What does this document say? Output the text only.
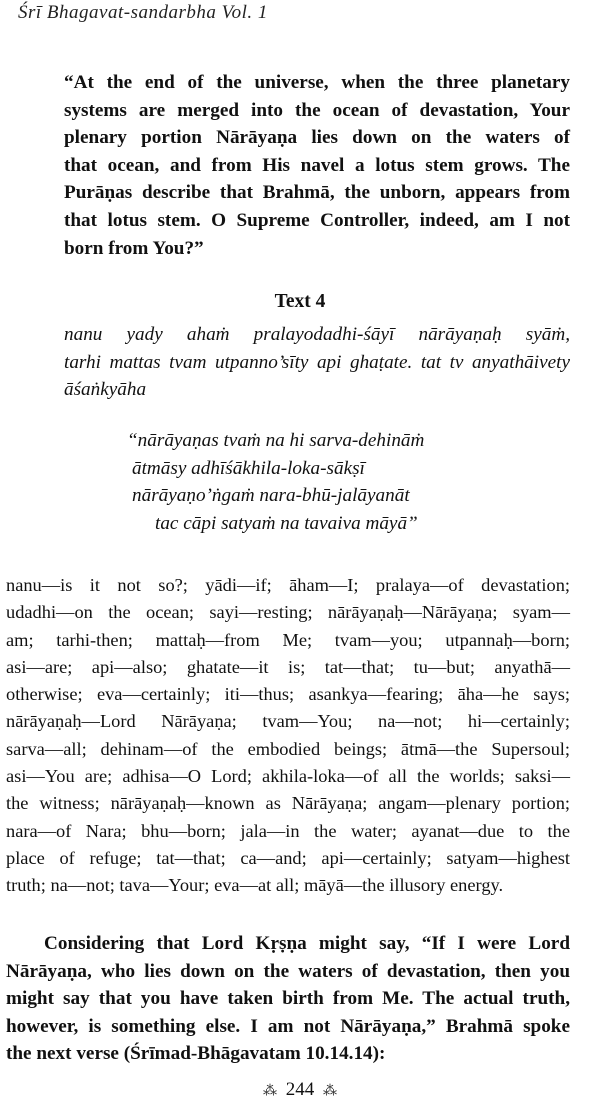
Śrī Bhagavat-sandarbha Vol. 1
“At the end of the universe, when the three planetary
systems are merged into the ocean of devastation, Your
plenary portion Nārāyaṇa lies down on the waters of
that ocean, and from His navel a lotus stem grows. The
Purāṇas describe that Brahmā, the unborn, appears from
that lotus stem. O Supreme Controller, indeed, am I not
born from You?”
Text 4
nanu yady ahaṁ pralayodadhi-śāyī nārāyaṇaḥ syāṁ,
tarhi mattas tvam utpanno’sīty api ghaṭate. tat tv anyathāivety
āśaṅkyāha
“nārāyaṇas tvaṁ na hi sarva-dehināṁ
ātmāsy adhīśākhila-loka-sākṣī
nārāyaṇo’ṅgaṁ nara-bhū-jalāyanāt
tac cāpi satyaṁ na tavaiva māyā”
nanu—is it not so?; yādi—if; āham—I; pralaya—of devastation;
udadhi—on the ocean; sayi—resting; nārāyaṇaḥ—Nārāyaṇa; syam—
am; tarhi-then; mattaḥ—from Me; tvam—you; utpannaḥ—born;
asi—are; api—also; ghatate—it is; tat—that; tu—but; anyathā—
otherwise; eva—certainly; iti—thus; asankya—fearing; āha—he says;
nārāyaṇaḥ—Lord Nārāyaṇa; tvam—You; na—not; hi—certainly;
sarva—all; dehinam—of the embodied beings; ātmā—the Supersoul;
asi—You are; adhisa—O Lord; akhila-loka—of all the worlds; saksi—
the witness; nārāyaṇaḥ—known as Nārāyaṇa; angam—plenary portion;
nara—of Nara; bhu—born; jala—in the water; ayanat—due to the
place of refuge; tat—that; ca—and; api—certainly; satyam—highest
truth; na—not; tava—Your; eva—at all; māyā—the illusory energy.
Considering that Lord Kṛṣṇa might say, “If I were Lord
Nārāyaṇa, who lies down on the waters of devastation, then you
might say that you have taken birth from Me. The actual truth,
however, is something else. I am not Nārāyaṇa,” Brahmā spoke
the next verse (Śrīmad-Bhāgavatam 10.14.14):
⁂ 244 ⁂
